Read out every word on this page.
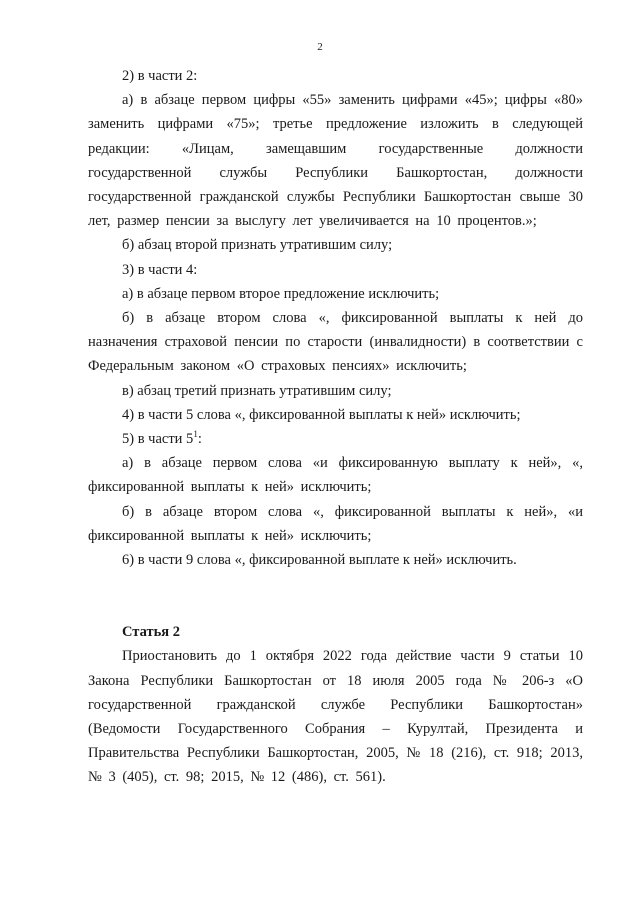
2

2) в части 2:

а) в абзаце первом цифры «55» заменить цифрами «45»; цифры «80» заменить цифрами «75»; третье предложение изложить в следующей редакции: «Лицам, замещавшим государственные должности государственной службы Республики Башкортостан, должности государственной гражданской службы Республики Башкортостан свыше 30 лет, размер пенсии за выслугу лет увеличивается на 10 процентов.»;

б) абзац второй признать утратившим силу;

3) в части 4:

а) в абзаце первом второе предложение исключить;

б) в абзаце втором слова «, фиксированной выплаты к ней до назначения страховой пенсии по старости (инвалидности) в соответствии с Федеральным законом «О страховых пенсиях» исключить;

в) абзац третий признать утратившим силу;

4) в части 5 слова «, фиксированной выплаты к ней» исключить;

5) в части $5^1$:

а) в абзаце первом слова «и фиксированную выплату к ней», «, фиксированной выплаты к ней» исключить;

б) в абзаце втором слова «, фиксированной выплаты к ней», «и фиксированной выплаты к ней» исключить;

6) в части 9 слова «, фиксированной выплате к ней» исключить.

Статья 2

Приостановить до 1 октября 2022 года действие части 9 статьи 10 Закона Республики Башкортостан от 18 июля 2005 года № 206-з «О государственной гражданской службе Республики Башкортостан» (Ведомости Государственного Собрания – Курултай, Президента и Правительства Республики Башкортостан, 2005, № 18 (216), ст. 918; 2013, № 3 (405), ст. 98; 2015, № 12 (486), ст. 561).
